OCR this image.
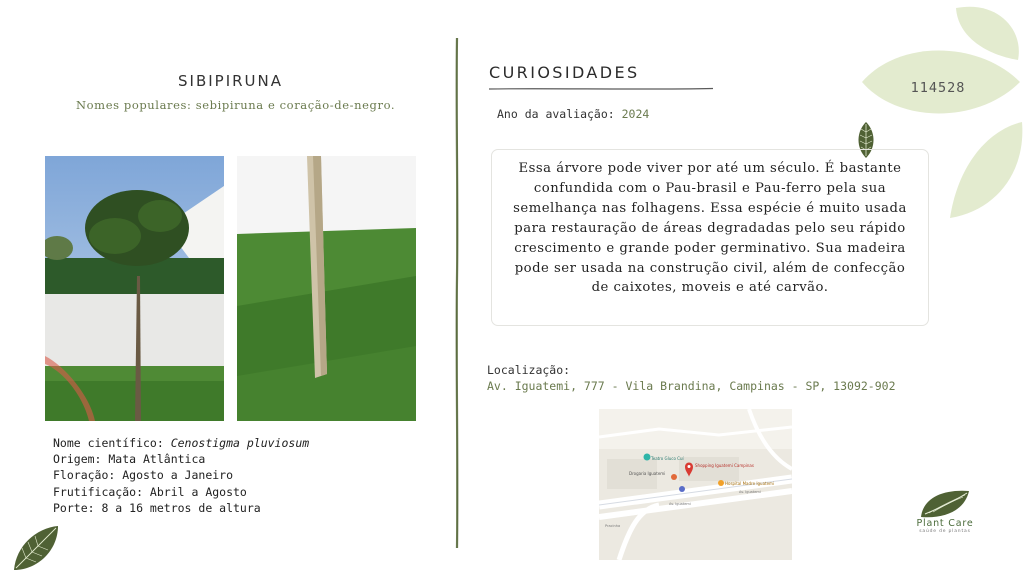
SIBIPIRUNA
Nomes populares: sebipiruna e coração-de-negro.
Nome científico: Cenostigma pluviosum
Origem: Mata Atlântica
Floração: Agosto a Janeiro
Frutificação: Abril a Agosto
Porte: 8 a 16 metros de altura
CURIOSIDADES
Ano da avaliação: 2024
Essa árvore pode viver por até um século. É bastante confundida com o Pau-brasil e Pau-ferro pela sua semelhança nas folhagens. Essa espécie é muito usada para restauração de áreas degradadas pelo seu rápido crescimento e grande poder germinativo. Sua madeira pode ser usada na construção civil, além de confecção de caixotes, moveis e até carvão.
Localização:
Av. Iguatemi, 777 - Vila Brandina, Campinas - SP, 13092-902
Teatro Gluco Cuí
Shopping Iguatemi Campinas
Drogaria Iguatemi
Hospital Madre Iguatemi
Av. Iguatemi
Av. Iguatemi
Pracinha
114528
Plant Care
saúde de plantas
